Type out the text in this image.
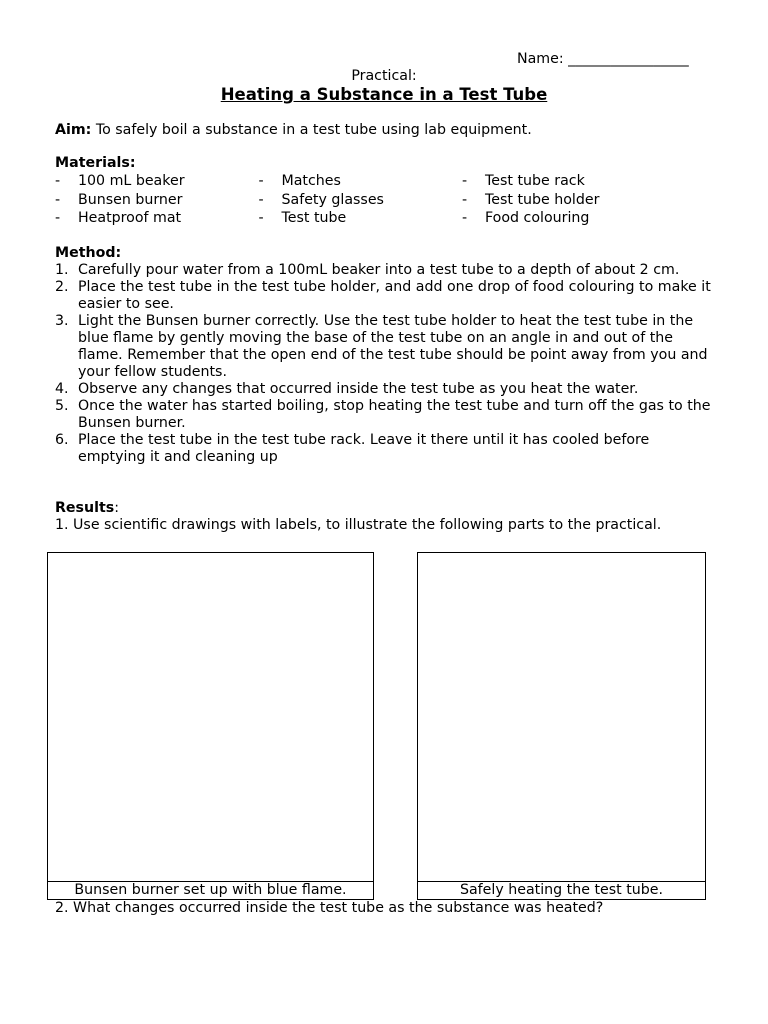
Name: _________________
Practical:
Heating a Substance in a Test Tube
Aim: To safely boil a substance in a test tube using lab equipment.
Materials:
-	100 mL beaker	-	Matches	-	Test tube rack
-	Bunsen burner	-	Safety glasses	-	Test tube holder
-	Heatproof mat	-	Test tube	-	Food colouring
Method:
1. Carefully pour water from a 100mL beaker into a test tube to a depth of about 2 cm.
2. Place the test tube in the test tube holder, and add one drop of food colouring to make it easier to see.
3. Light the Bunsen burner correctly. Use the test tube holder to heat the test tube in the blue flame by gently moving the base of the test tube on an angle in and out of the flame. Remember that the open end of the test tube should be point away from you and your fellow students.
4. Observe any changes that occurred inside the test tube as you heat the water.
5. Once the water has started boiling, stop heating the test tube and turn off the gas to the Bunsen burner.
6. Place the test tube in the test tube rack. Leave it there until it has cooled before emptying it and cleaning up
Results:
1. Use scientific drawings with labels, to illustrate the following parts to the practical.
Bunsen burner set up with blue flame.	Safely heating the test tube.
2. What changes occurred inside the test tube as the substance was heated?
